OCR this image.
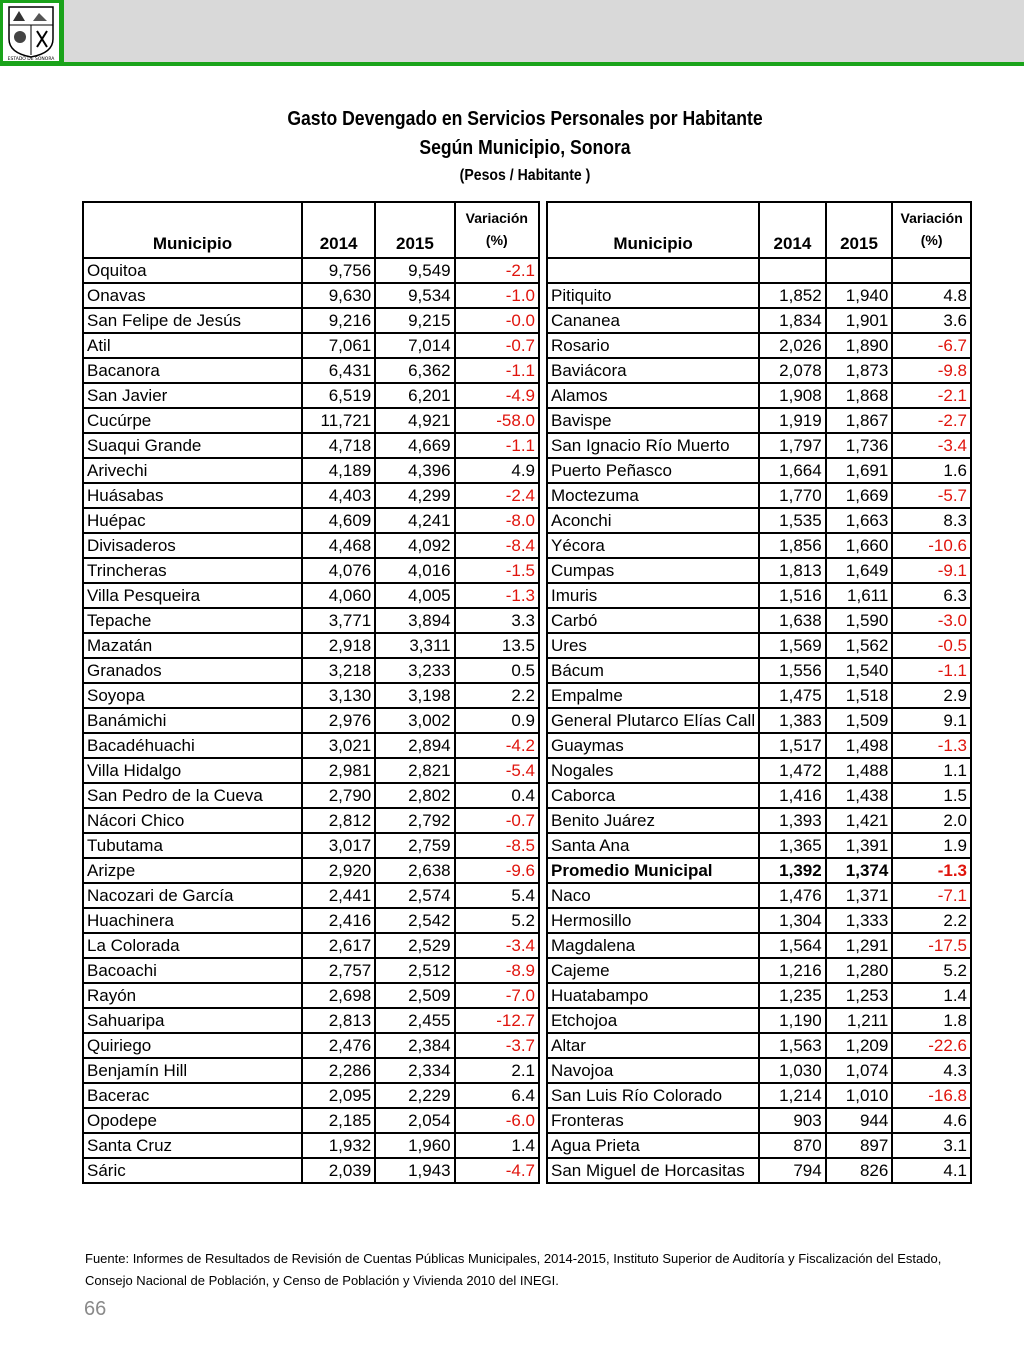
ESTADO DE SONORA
Gasto Devengado en Servicios Personales por Habitante
Según Municipio, Sonora
(Pesos / Habitante )
Municipio	2014	2015	Variación
(%)

Oquitoa	9,756	9,549	-2.1
Onavas	9,630	9,534	-1.0
San Felipe de Jesús	9,216	9,215	-0.0
Atil	7,061	7,014	-0.7
Bacanora	6,431	6,362	-1.1
San Javier	6,519	6,201	-4.9
Cucúrpe	11,721	4,921	-58.0
Suaqui Grande	4,718	4,669	-1.1
Arivechi	4,189	4,396	4.9
Huásabas	4,403	4,299	-2.4
Huépac	4,609	4,241	-8.0
Divisaderos	4,468	4,092	-8.4
Trincheras	4,076	4,016	-1.5
Villa Pesqueira	4,060	4,005	-1.3
Tepache	3,771	3,894	3.3
Mazatán	2,918	3,311	13.5
Granados	3,218	3,233	0.5
Soyopa	3,130	3,198	2.2
Banámichi	2,976	3,002	0.9
Bacadéhuachi	3,021	2,894	-4.2
Villa Hidalgo	2,981	2,821	-5.4
San Pedro de la Cueva	2,790	2,802	0.4
Nácori Chico	2,812	2,792	-0.7
Tubutama	3,017	2,759	-8.5
Arizpe	2,920	2,638	-9.6
Nacozari de García	2,441	2,574	5.4
Huachinera	2,416	2,542	5.2
La Colorada	2,617	2,529	-3.4
Bacoachi	2,757	2,512	-8.9
Rayón	2,698	2,509	-7.0
Sahuaripa	2,813	2,455	-12.7
Quiriego	2,476	2,384	-3.7
Benjamín Hill	2,286	2,334	2.1
Bacerac	2,095	2,229	6.4
Opodepe	2,185	2,054	-6.0
Santa Cruz	1,932	1,960	1.4
Sáric	2,039	1,943	-4.7
Municipio	2014	2015	Variación
(%)

Pitiquito	1,852	1,940	4.8
Cananea	1,834	1,901	3.6
Rosario	2,026	1,890	-6.7
Baviácora	2,078	1,873	-9.8
Alamos	1,908	1,868	-2.1
Bavispe	1,919	1,867	-2.7
San Ignacio Río Muerto	1,797	1,736	-3.4
Puerto Peñasco	1,664	1,691	1.6
Moctezuma	1,770	1,669	-5.7
Aconchi	1,535	1,663	8.3
Yécora	1,856	1,660	-10.6
Cumpas	1,813	1,649	-9.1
Imuris	1,516	1,611	6.3
Carbó	1,638	1,590	-3.0
Ures	1,569	1,562	-0.5
Bácum	1,556	1,540	-1.1
Empalme	1,475	1,518	2.9
General Plutarco Elías Call	1,383	1,509	9.1
Guaymas	1,517	1,498	-1.3
Nogales	1,472	1,488	1.1
Caborca	1,416	1,438	1.5
Benito Juárez	1,393	1,421	2.0
Santa Ana	1,365	1,391	1.9
Promedio Municipal	1,392	1,374	-1.3
Naco	1,476	1,371	-7.1
Hermosillo	1,304	1,333	2.2
Magdalena	1,564	1,291	-17.5
Cajeme	1,216	1,280	5.2
Huatabampo	1,235	1,253	1.4
Etchojoa	1,190	1,211	1.8
Altar	1,563	1,209	-22.6
Navojoa	1,030	1,074	4.3
San Luis Río Colorado	1,214	1,010	-16.8
Fronteras	903	944	4.6
Agua Prieta	870	897	3.1
San Miguel de Horcasitas	794	826	4.1
Fuente: Informes de Resultados de Revisión de Cuentas Públicas Municipales, 2014-2015, Instituto Superior de Auditoría y Fiscalización del Estado,
Consejo Nacional de Población, y Censo de Población y Vivienda 2010 del INEGI.
66
